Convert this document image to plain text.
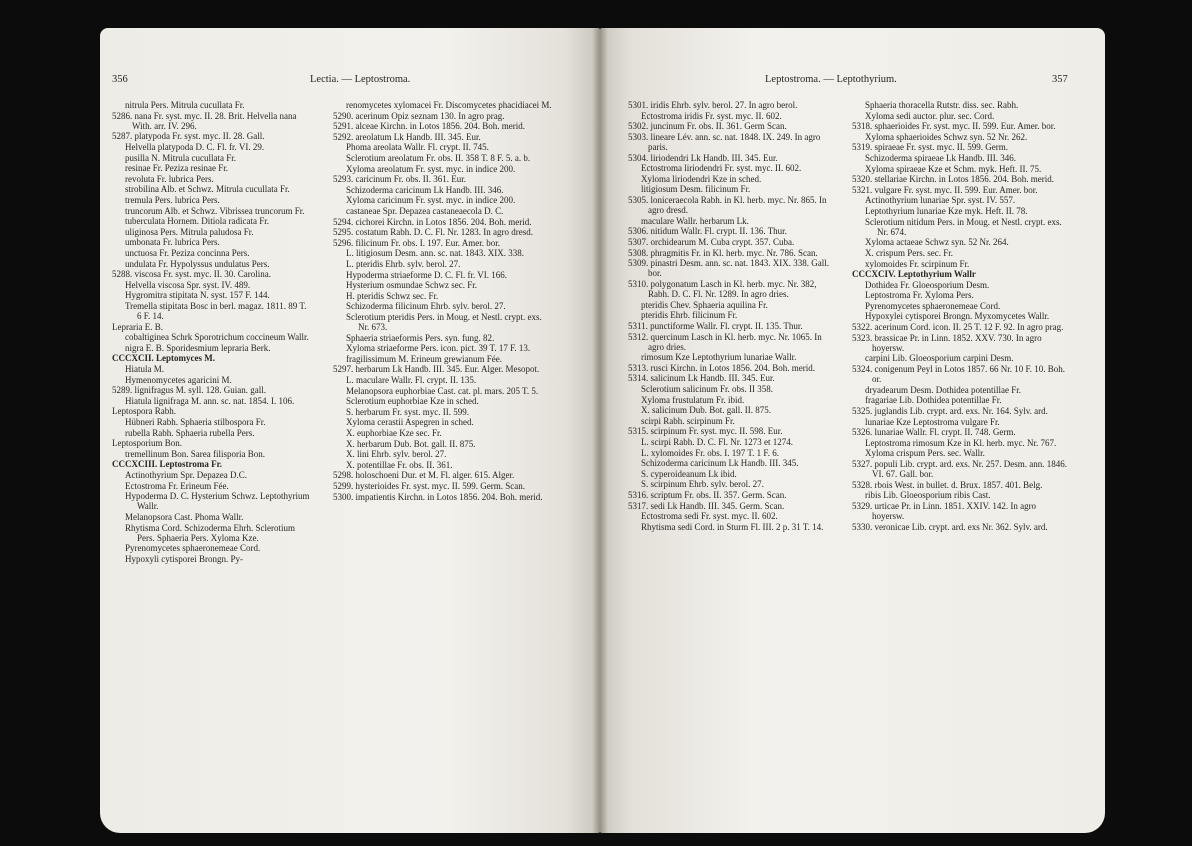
356	Lectia. — Leptostroma.

nitrula Pers. Mitrula cucullata Fr.

5286. nana Fr. syst. myc. II. 28. Brit. Helvella nana With. arr. IV. 296.

5287. platypoda Fr. syst. myc. II. 28. Gall.

Helvella platypoda D. C. Fl. fr. VI. 29.

pusilla N. Mitrula cucullata Fr.

resinae Fr. Peziza resinae Fr.

revoluta Fr. lubrica Pers.

strobilina Alb. et Schwz. Mitrula cucullata Fr.

tremula Pers. lubrica Pers.

truncorum Alb. et Schwz. Vibrissea truncorum Fr.

tuberculata Hornem. Ditiola radicata Fr.

uliginosa Pers. Mitrula paludosa Fr.

umbonata Fr. lubrica Pers.

unctuosa Fr. Peziza concinna Pers.

undulata Fr. Hypolyssus undulatus Pers.

5288. viscosa Fr. syst. myc. II. 30. Carolina.

Helvella viscosa Spr. syst. IV. 489.

Hygromitra stipitata N. syst. 157 F. 144.

Tremella stipitata Bosc in berl. magaz. 1811. 89 T. 6 F. 14.

Lepraria E. B.

cobaltiginea Schrk Sporotrichum coccineum Wallr.

nigra E. B. Sporidesmium lepraria Berk.

CCCXCII. Leptomyces M.

Hiatula M.

Hymenomycetes agaricini M.

5289. lignifragus M. syll. 128. Guian. gall.

Hiatula lignifraga M. ann. sc. nat. 1854. I. 106.

Leptospora Rabh.

Hübneri Rabh. Sphaeria stilbospora Fr.

rubella Rabh. Sphaeria rubella Pers.

Leptosporium Bon.

tremellinum Bon. Sarea filisporia Bon.

CCCXCIII. Leptostroma Fr.

Actinothyrium Spr. Depazea D.C.

Ectostroma Fr. Erineum Fée.

Hypoderma D. C. Hysterium Schwz. Leptothyrium Wallr.

Melanopsora Cast. Phoma Wallr.

Rhytisma Cord. Schizoderma Ehrh. Sclerotium Pers. Sphaeria Pers. Xyloma Kze.

Pyrenomycetes sphaeronemeae Cord.

Hypoxyli cytisporei Brongn. Py-

renomycetes xylomacei Fr. Discomycetes phacidiacei M.

5290. acerinum Opiz seznam 130. In agro prag.

5291. alceae Kirchn. in Lotos 1856. 204. Boh. merid.

5292. areolatum Lk Handb. III. 345. Eur.

Phoma areolata Wallr. Fl. crypt. II. 745.

Sclerotium areolatum Fr. obs. II. 358 T. 8 F. 5. a. b.

Xyloma areolatum Fr. syst. myc. in indice 200.

5293. caricinum Fr. obs. II. 361. Eur.

Schizoderma caricinum Lk Handb. III. 346.

Xyloma caricinum Fr. syst. myc. in indice 200.

castaneae Spr. Depazea castaneaecola D. C.

5294. cichorei Kirchn. in Lotos 1856. 204. Boh. merid.

5295. costatum Rabh. D. C. Fl. Nr. 1283. In agro dresd.

5296. filicinum Fr. obs. I. 197. Eur. Amer. bor.

L. litigiosum Desm. ann. sc. nat. 1843. XIX. 338.

L. pteridis Ehrb. sylv. berol. 27.

Hypoderma striaeforme D. C. Fl. fr. VI. 166.

Hysterium osmundae Schwz sec. Fr.

H. pteridis Schwz sec. Fr.

Schizoderma filicinum Ehrb. sylv. berol. 27.

Sclerotium pteridis Pers. in Moug. et Nestl. crypt. exs. Nr. 673.

Sphaeria striaeformis Pers. syn. fung. 82.

Xyloma striaeforme Pers. icon. pict. 39 T. 17 F. 13.

fragilissimum M. Erineum grewianum Fée.

5297. herbarum Lk Handb. III. 345. Eur. Alger. Mesopot.

L. maculare Wallr. Fl. crypt. II. 135.

Melanopsora euphorbiae Cast. cat. pl. mars. 205 T. 5.

Sclerotium euphorbiae Kze in sched.

S. herbarum Fr. syst. myc. II. 599.

Xyloma cerastii Aspegren in sched.

X. euphorbiae Kze sec. Fr.

X. herbarum Dub. Bot. gall. II. 875.

X. lini Ehrb. sylv. berol. 27.

X. potentillae Fr. obs. II. 361.

5298. holoschoeni Dur. et M. Fl. alger. 615. Alger.

5299. hysterioides Fr. syst. myc. II. 599. Germ. Scan.

5300. impatientis Kirchn. in Lotos 1856. 204. Boh. merid.

Leptostroma. — Leptothyrium.	357

5301. iridis Ehrb. sylv. berol. 27. In agro berol.

Ectostroma iridis Fr. syst. myc. II. 602.

5302. juncinum Fr. obs. II. 361. Germ Scan.

5303. lineare Lév. ann. sc. nat. 1848. IX. 249. In agro paris.

5304. liriodendri Lk Handb. III. 345. Eur.

Ectostroma liriodendri Fr. syst. myc. II. 602.

Xyloma liriodendri Kze in sched.

litigiosum Desm. filicinum Fr.

5305. loniceraecola Rabh. in Kl. herb. myc. Nr. 865. In agro dresd.

maculare Wallr. herbarum Lk.

5306. nitidum Wallr. Fl. crypt. II. 136. Thur.

5307. orchidearum M. Cuba crypt. 357. Cuba.

5308. phragmitis Fr. in Kl. herb. myc. Nr. 786. Scan.

5309. pinastri Desm. ann. sc. nat. 1843. XIX. 338. Gall. bor.

5310. polygonatum Lasch in Kl. herb. myc. Nr. 382, Rabh. D. C. Fl. Nr. 1289. In agro dries.

pteridis Chev. Sphaeria aquilina Fr.

pteridis Ehrb. filicinum Fr.

5311. punctiforme Wallr. Fl. crypt. II. 135. Thur.

5312. quercinum Lasch in Kl. herb. myc. Nr. 1065. In agro dries.

rimosum Kze Leptothyrium lunariae Wallr.

5313. rusci Kirchn. in Lotos 1856. 204. Boh. merid.

5314. salicinum Lk Handb. III. 345. Eur.

Sclerotium salicinum Fr. obs. II 358.

Xyloma frustulatum Fr. ibid.

X. salicinum Dub. Bot. gall. II. 875.

scirpi Rabh. scirpinum Fr.

5315. scirpinum Fr. syst. myc. II. 598. Eur.

L. scirpi Rabh. D. C. Fl. Nr. 1273 et 1274.

L. xylomoides Fr. obs. I. 197 T. 1 F. 6.

Schizoderma caricinum Lk Handb. III. 345.

S. cyperoideanum Lk ibid.

S. scirpinum Ehrb. sylv. berol. 27.

5316. scriptum Fr. obs. II. 357. Germ. Scan.

5317. sedi Lk Handb. III. 345. Germ. Scan.

Ectostroma sedi Fr. syst. myc. II. 602.

Rhytisma sedi Cord. in Sturm Fl. III. 2 p. 31 T. 14.

Sphaeria thoracella Rutstr. diss. sec. Rabh.

Xyloma sedi auctor. plur. sec. Cord.

5318. sphaerioides Fr. syst. myc. II. 599. Eur. Amer. bor.

Xyloma sphaerioides Schwz syn. 52 Nr. 262.

5319. spiraeae Fr. syst. myc. II. 599. Germ.

Schizoderma spiraeae Lk Handb. III. 346.

Xyloma spiraeae Kze et Schm. myk. Heft. II. 75.

5320. stellariae Kirchn. in Lotos 1856. 204. Boh. merid.

5321. vulgare Fr. syst. myc. II. 599. Eur. Amer. bor.

Actinothyrium lunariae Spr. syst. IV. 557.

Leptothyrium lunariae Kze myk. Heft. II. 78.

Sclerotium nitidum Pers. in Moug. et Nestl. crypt. exs. Nr. 674.

Xyloma actaeae Schwz syn. 52 Nr. 264.

X. crispum Pers. sec. Fr.

xylomoides Fr. scirpinum Fr.

CCCXCIV. Leptothyrium Wallr

Dothidea Fr. Gloeosporium Desm.

Leptostroma Fr. Xyloma Pers.

Pyrenomycetes sphaeronemeae Cord.

Hypoxylei cytisporei Brongn. Myxomycetes Wallr.

5322. acerinum Cord. icon. II. 25 T. 12 F. 92. In agro prag.

5323. brassicae Pr. in Linn. 1852. XXV. 730. In agro hoyersw.

carpini Lib. Gloeosporium carpini Desm.

5324. conigenum Peyl in Lotos 1857. 66 Nr. 10 F. 10. Boh. or.

dryadearum Desm. Dothidea potentillae Fr.

fragariae Lib. Dothidea potentillae Fr.

5325. juglandis Lib. crypt. ard. exs. Nr. 164. Sylv. ard.

lunariae Kze Leptostroma vulgare Fr.

5326. lunariae Wallr. Fl. crypt. II. 748. Germ.

Leptostroma rimosum Kze in Kl. herb. myc. Nr. 767.

Xyloma crispum Pers. sec. Wallr.

5327. populi Lib. crypt. ard. exs. Nr. 257. Desm. ann. 1846. VI. 67. Gall. bor.

5328. rbois West. in bullet. d. Brux. 1857. 401. Belg.

ribis Lib. Gloeosporium ribis Cast.

5329. urticae Pr. in Linn. 1851. XXIV. 142. In agro hoyersw.

5330. veronicae Lib. crypt. ard. exs Nr. 362. Sylv. ard.
